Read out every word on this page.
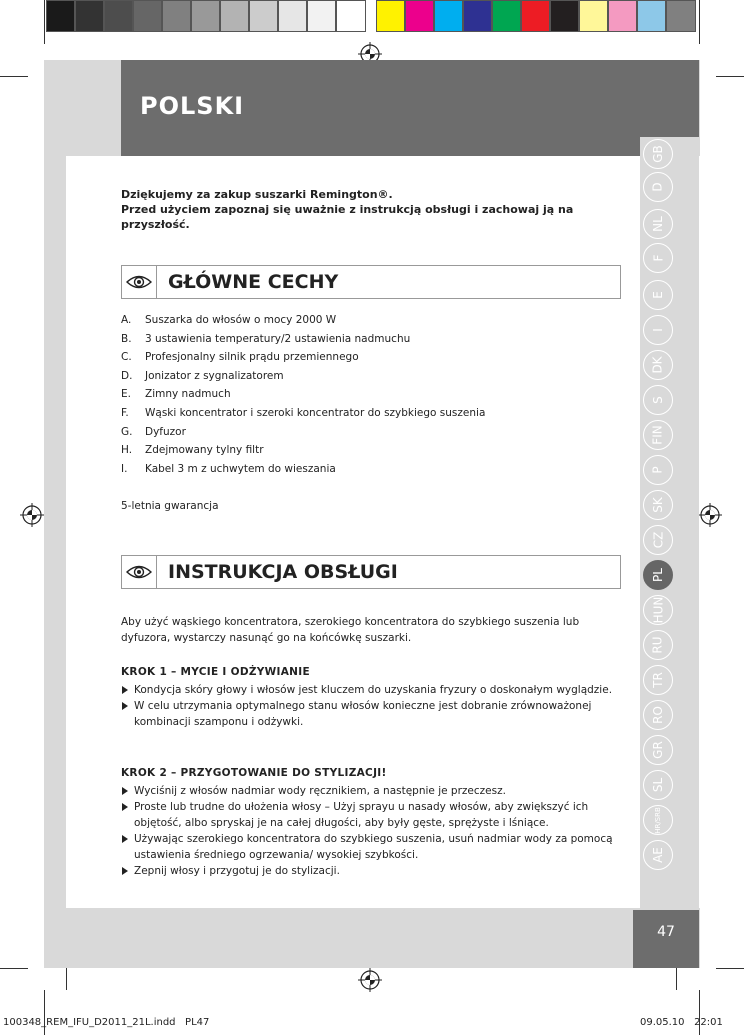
POLSKI
GB
D
NL
F
E
I
DK
S
FIN
P
SK
CZ
PL
HUN
RU
TR
RO
GR
SL
HR/SRB
AE
47

Dziękujemy za zakup suszarki Remington®.
Przed użyciem zapoznaj się uważnie z instrukcją obsługi i zachowaj ją na przyszłość.

GŁÓWNE CECHY
A.	Suszarka do włosów o mocy 2000 W
B.	3 ustawienia temperatury/2 ustawienia nadmuchu
C.	Profesjonalny silnik prądu przemiennego
D.	Jonizator z sygnalizatorem
E.	Zimny nadmuch
F.	Wąski koncentrator i szeroki koncentrator do szybkiego suszenia
G.	Dyfuzor
H.	Zdejmowany tylny filtr
I.	Kabel 3 m z uchwytem do wieszania

5-letnia gwarancja

INSTRUKCJA OBSŁUGI

Aby użyć wąskiego koncentratora, szerokiego koncentratora do szybkiego suszenia lub dyfuzora, wystarczy nasunąć go na końcówkę suszarki.

KROK 1 – MYCIE I ODŻYWIANIE

Kondycja skóry głowy i włosów jest kluczem do uzyskania fryzury o doskonałym wyglądzie.
W celu utrzymania optymalnego stanu włosów konieczne jest dobranie zrównoważonej kombinacji szamponu i odżywki.

KROK 2 – PRZYGOTOWANIE DO STYLIZACJI!

Wyciśnij z włosów nadmiar wody ręcznikiem, a następnie je przeczesz.
Proste lub trudne do ułożenia włosy – Użyj sprayu u nasady włosów, aby zwiększyć ich objętość, albo spryskaj je na całej długości, aby były gęste, sprężyste i lśniące.
Używając szerokiego koncentratora do szybkiego suszenia, usuń nadmiar wody za pomocą ustawienia średniego ogrzewania/ wysokiej szybkości.
Zepnij włosy i przygotuj je do stylizacji.
100348_REM_IFU_D2011_21L.indd   PL47	09.05.10   22:01
